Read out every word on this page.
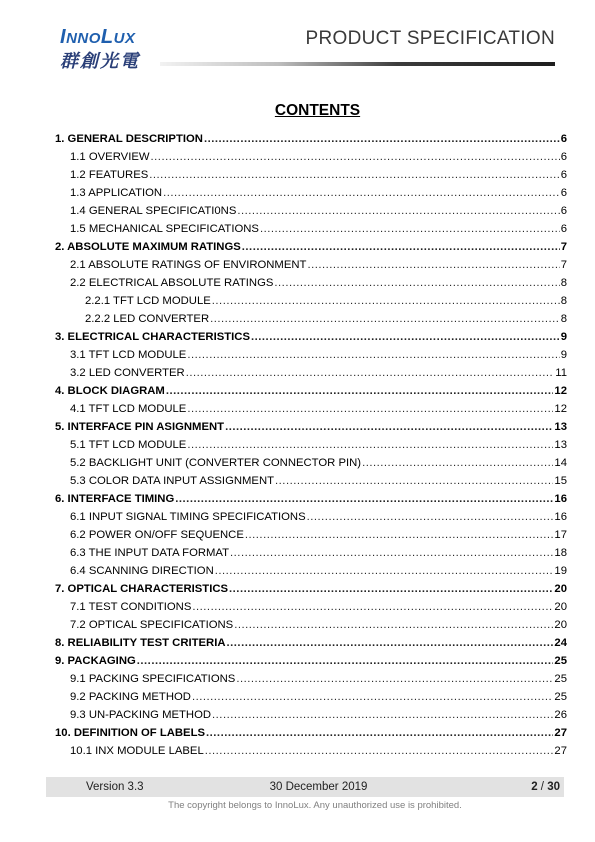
INNOLUX
群創光電
PRODUCT SPECIFICATION
CONTENTS
1. GENERAL DESCRIPTION .....	6
1.1 OVERVIEW .....	6
1.2 FEATURES .....	6
1.3 APPLICATION .....	6
1.4 GENERAL SPECIFICATI0NS .....	6
1.5 MECHANICAL SPECIFICATIONS .....	6
2. ABSOLUTE MAXIMUM RATINGS .....	7
2.1 ABSOLUTE RATINGS OF ENVIRONMENT .....	7
2.2 ELECTRICAL ABSOLUTE RATINGS .....	8
2.2.1 TFT LCD MODULE .....	8
2.2.2 LED CONVERTER .....	8
3. ELECTRICAL CHARACTERISTICS .....	9
3.1 TFT LCD MODULE .....	9
3.2 LED CONVERTER .....	11
4. BLOCK DIAGRAM .....	12
4.1 TFT LCD MODULE .....	12
5. INTERFACE PIN ASIGNMENT .....	13
5.1 TFT LCD MODULE .....	13
5.2 BACKLIGHT UNIT (CONVERTER CONNECTOR PIN) .....	14
5.3 COLOR DATA INPUT ASSIGNMENT .....	15
6. INTERFACE TIMING .....	16
6.1 INPUT SIGNAL TIMING SPECIFICATIONS .....	16
6.2 POWER ON/OFF SEQUENCE .....	17
6.3 THE INPUT DATA FORMAT .....	18
6.4 SCANNING DIRECTION .....	19
7. OPTICAL CHARACTERISTICS .....	20
7.1 TEST CONDITIONS .....	20
7.2 OPTICAL SPECIFICATIONS .....	20
8. RELIABILITY TEST CRITERIA .....	24
9. PACKAGING .....	25
9.1 PACKING SPECIFICATIONS .....	25
9.2 PACKING METHOD .....	25
9.3 UN-PACKING METHOD .....	26
10. DEFINITION OF LABELS .....	27
10.1 INX MODULE LABEL .....	27
Version 3.3	30 December 2019	2 / 30
The copyright belongs to InnoLux. Any unauthorized use is prohibited.
